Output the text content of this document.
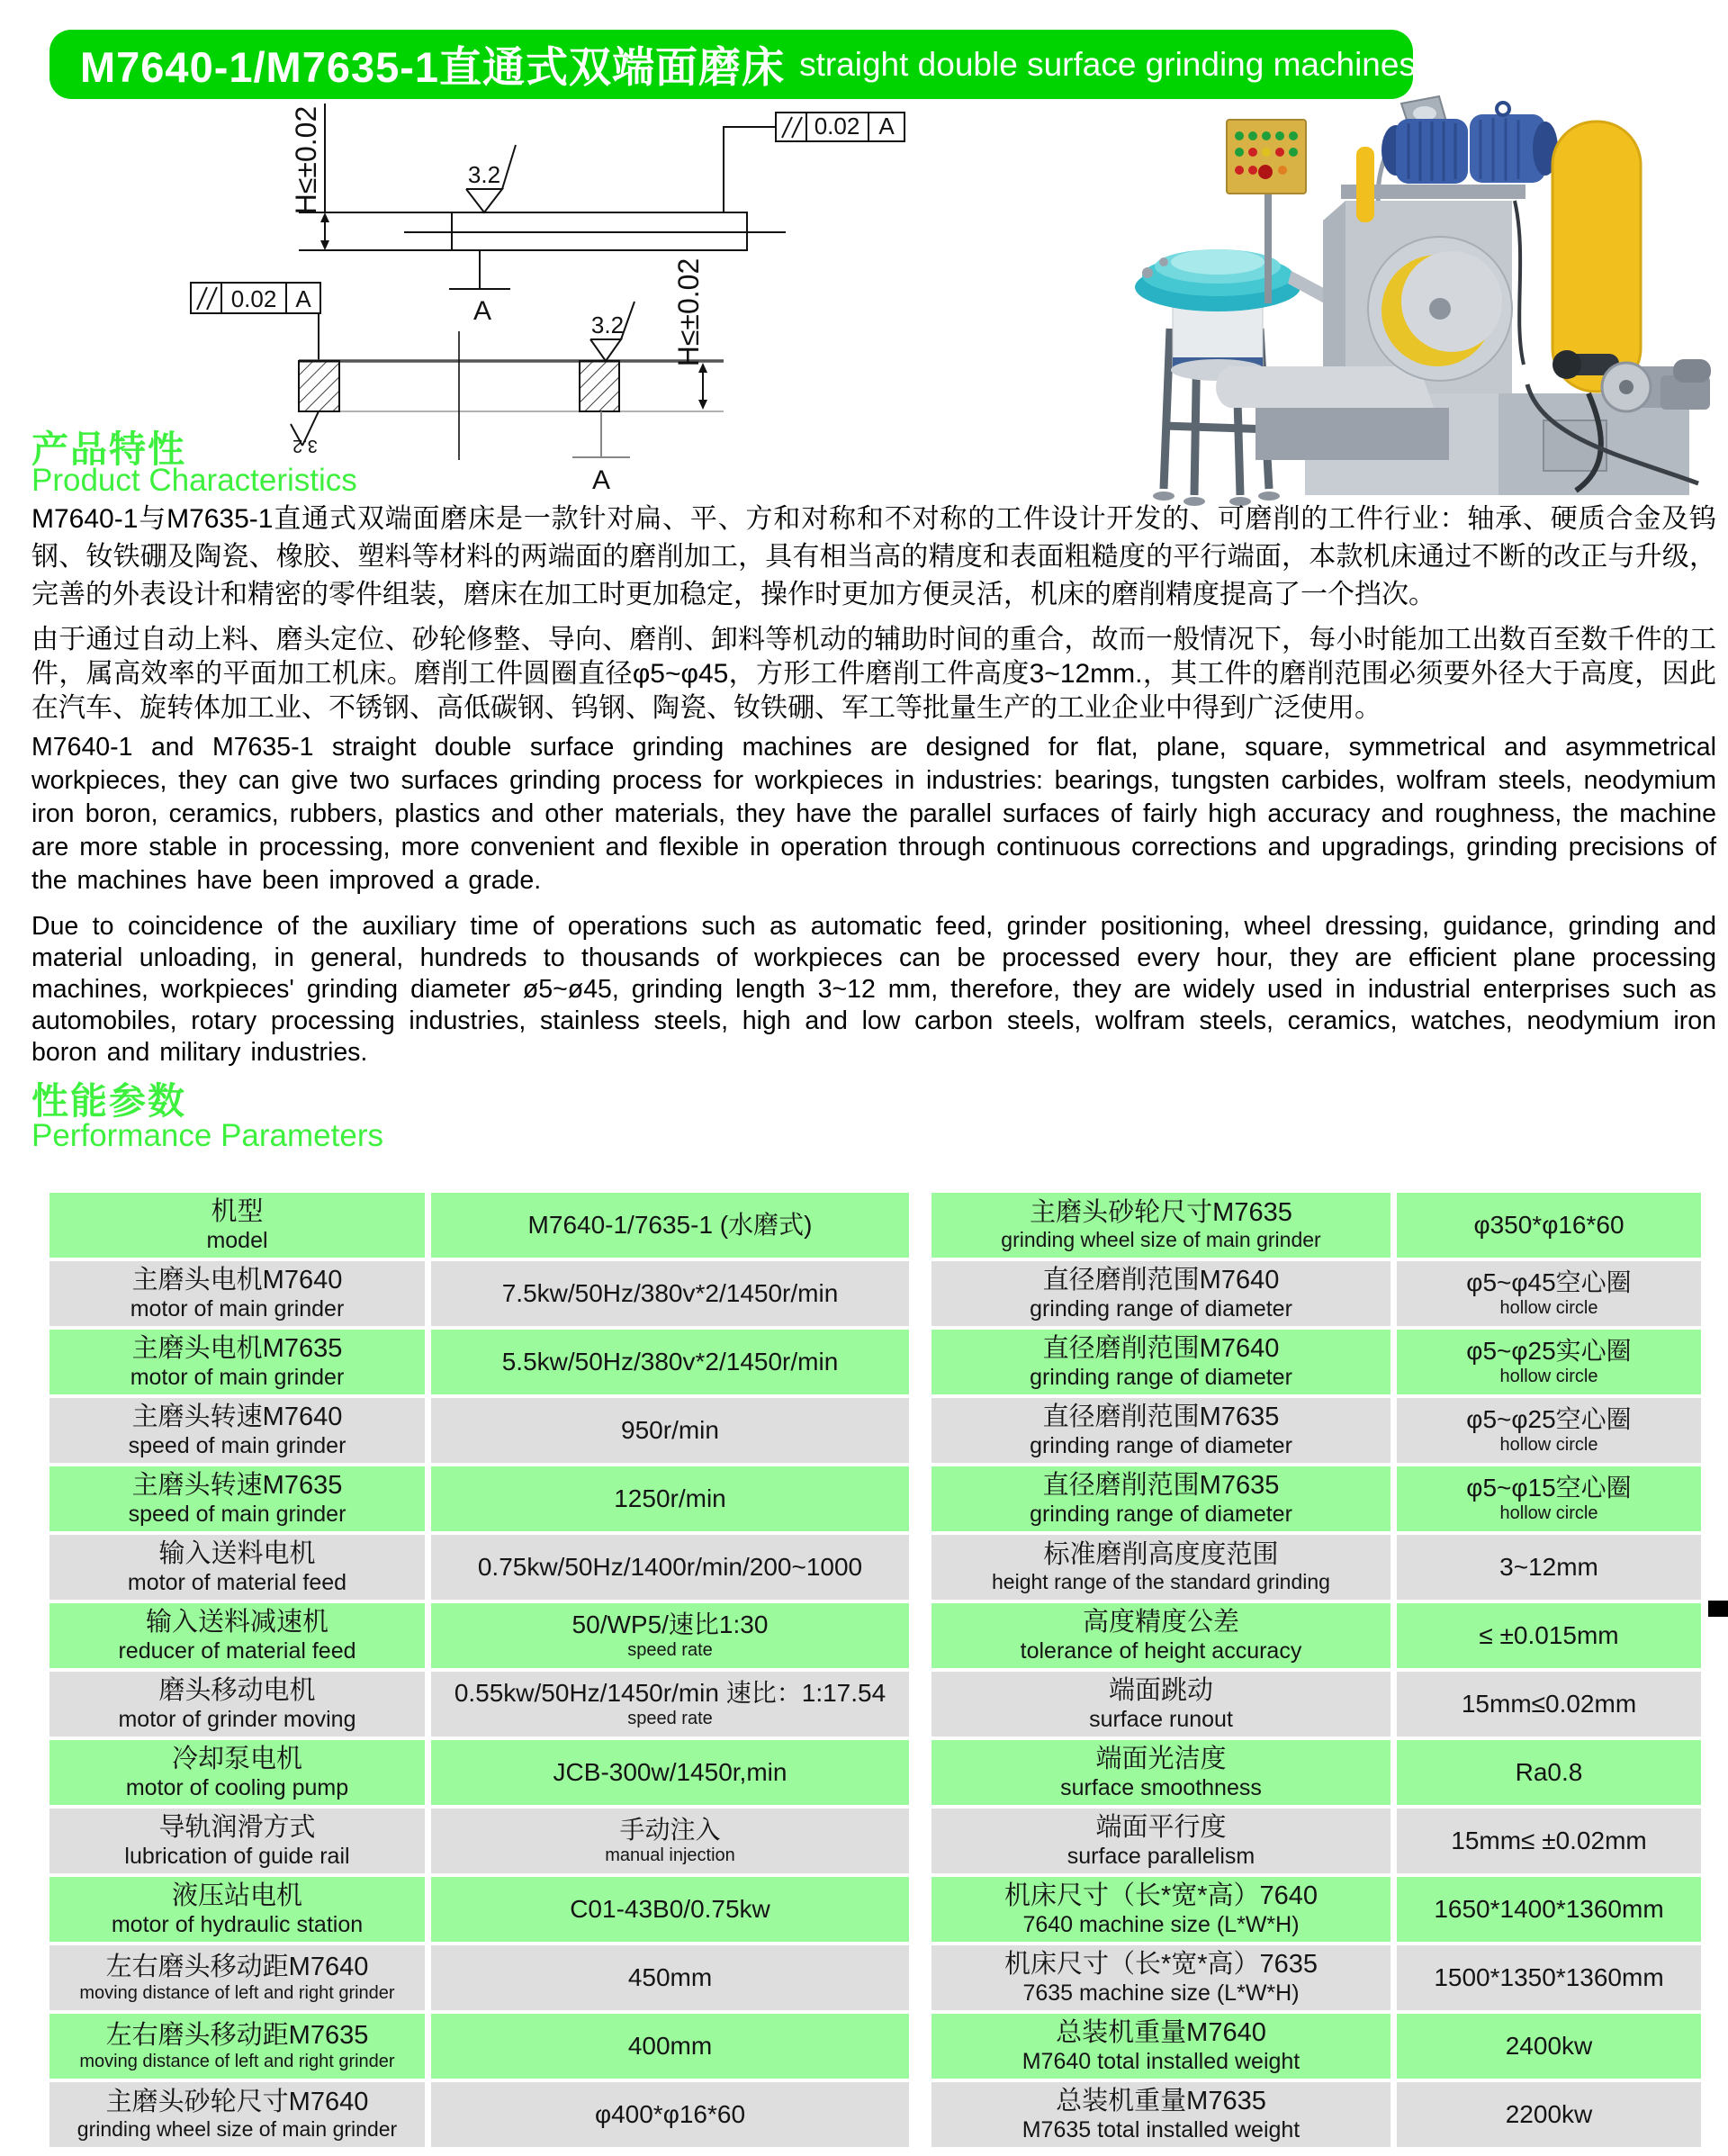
M7640-1/M7635-1直通式双端面磨床 straight double surface grinding machines
H≤±0.02	3.2
0.02 A
A
0.02 A
3.2 H≤±0.02
A
3.2
产品特性
Product Characteristics
M7640-1与M7635-1直通式双端面磨床是一款针对扁、平、方和对称和不对称的工件设计开发的、可磨削的工件行业：轴承、硬质合金及钨钢、钕铁硼及陶瓷、橡胶、塑料等材料的两端面的磨削加工，具有相当高的精度和表面粗糙度的平行端面，本款机床通过不断的改正与升级，完善的外表设计和精密的零件组装，磨床在加工时更加稳定，操作时更加方便灵活，机床的磨削精度提高了一个挡次。
由于通过自动上料、磨头定位、砂轮修整、导向、磨削、卸料等机动的辅助时间的重合，故而一般情况下，每小时能加工出数百至数千件的工件，属高效率的平面加工机床。磨削工件圆圈直径φ5~φ45，方形工件磨削工件高度3~12mm.，其工件的磨削范围必须要外径大于高度，因此在汽车、旋转体加工业、不锈钢、高低碳钢、钨钢、陶瓷、钕铁硼、军工等批量生产的工业企业中得到广泛使用。
M7640-1 and M7635-1 straight double surface grinding machines are designed for flat, plane, square, symmetrical and asymmetrical workpieces, they can give two surfaces grinding process for workpieces in industries: bearings, tungsten carbides, wolfram steels, neodymium iron boron, ceramics, rubbers, plastics and other materials, they have the parallel surfaces of fairly high accuracy and roughness, the machine are more stable in processing, more convenient and flexible in operation through continuous corrections and upgradings, grinding precisions of the machines have been improved a grade.
Due to coincidence of the auxiliary time of operations such as automatic feed, grinder positioning, wheel dressing, guidance, grinding and material unloading, in general, hundreds to thousands of workpieces can be processed every hour, they are efficient plane processing machines, workpieces' grinding diameter ø5~ø45, grinding length 3~12 mm, therefore, they are widely used in industrial enterprises such as automobiles, rotary processing industries, stainless steels, high and low carbon steels, wolfram steels, ceramics, watches, neodymium iron boron and military industries.
性能参数
Performance Parameters
机型
model
M7640-1/7635-1 (水磨式)
主磨头电机M7640
motor of main grinder
7.5kw/50Hz/380v*2/1450r/min
主磨头电机M7635
motor of main grinder
5.5kw/50Hz/380v*2/1450r/min
主磨头转速M7640
speed of main grinder
950r/min
主磨头转速M7635
speed of main grinder
1250r/min
输入送料电机
motor of material feed
0.75kw/50Hz/1400r/min/200~1000
输入送料减速机
reducer of material feed
50/WP5/速比1:30
speed rate
磨头移动电机
motor of grinder moving
0.55kw/50Hz/1450r/min 速比：1:17.54
speed rate
冷却泵电机
motor of cooling pump
JCB-300w/1450r,min
导轨润滑方式
lubrication of guide rail
手动注入
manual injection
液压站电机
motor of hydraulic station
C01-43B0/0.75kw
左右磨头移动距M7640
moving distance of left and right grinder
450mm
左右磨头移动距M7635
moving distance of left and right grinder
400mm
主磨头砂轮尺寸M7640
grinding wheel size of main grinder
φ400*φ16*60
主磨头砂轮尺寸M7635
grinding wheel size of main grinder
φ350*φ16*60
直径磨削范围M7640
grinding range of diameter
φ5~φ45空心圈
hollow circle
直径磨削范围M7640
grinding range of diameter
φ5~φ25实心圈
hollow circle
直径磨削范围M7635
grinding range of diameter
φ5~φ25空心圈
hollow circle
直径磨削范围M7635
grinding range of diameter
φ5~φ15空心圈
hollow circle
标准磨削高度度范围
height range of the standard grinding
3~12mm
高度精度公差
tolerance of height accuracy
≤ ±0.015mm
端面跳动
surface runout
15mm≤0.02mm
端面光洁度
surface smoothness
Ra0.8
端面平行度
surface parallelism
15mm≤ ±0.02mm
机床尺寸（长*宽*高）7640
7640 machine size (L*W*H)
1650*1400*1360mm
机床尺寸（长*宽*高）7635
7635 machine size (L*W*H)
1500*1350*1360mm
总装机重量M7640
M7640 total installed weight
2400kw
总装机重量M7635
M7635 total installed weight
2200kw
